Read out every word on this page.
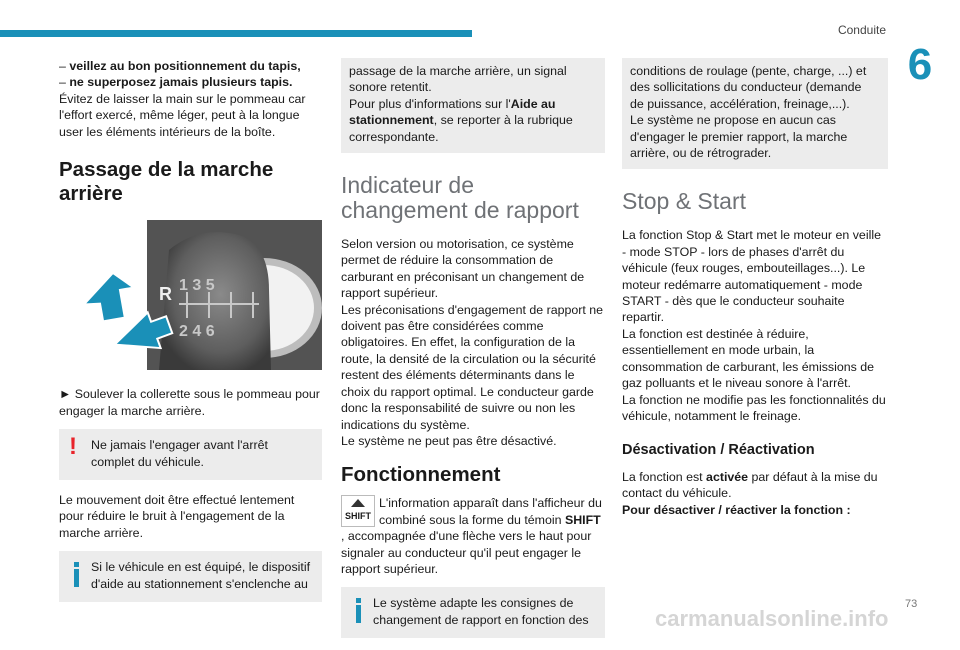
Conduite
6

– veillez au bon positionnement du tapis,

– ne superposez jamais plusieurs tapis.

Évitez de laisser la main sur le pommeau car l'effort exercé, même léger, peut à la longue user les éléments intérieurs de la boîte.

Passage de la marche arrière
R 1 3 5
2 4 6

► Soulever la collerette sous le pommeau pour engager la marche arrière.

! Ne jamais l'engager avant l'arrêt complet du véhicule.

Le mouvement doit être effectué lentement pour réduire le bruit à l'engagement de la marche arrière.

Si le véhicule en est équipé, le dispositif d'aide au stationnement s'enclenche au

passage de la marche arrière, un signal sonore retentit.

Pour plus d'informations sur l'Aide au stationnement, se reporter à la rubrique correspondante.

Indicateur de changement de rapport

Selon version ou motorisation, ce système permet de réduire la consommation de carburant en préconisant un changement de rapport supérieur.

Les préconisations d'engagement de rapport ne doivent pas être considérées comme obligatoires. En effet, la configuration de la route, la densité de la circulation ou la sécurité restent des éléments déterminants dans le choix du rapport optimal. Le conducteur garde donc la responsabilité de suivre ou non les indications du système.

Le système ne peut pas être désactivé.

Fonctionnement
SHIFT

L'information apparaît dans l'afficheur du combiné sous la forme du témoin SHIFT

, accompagnée d'une flèche vers le haut pour signaler au conducteur qu'il peut engager le rapport supérieur.

Le système adapte les consignes de changement de rapport en fonction des

conditions de roulage (pente, charge, ...) et des sollicitations du conducteur (demande de puissance, accélération, freinage,...).

Le système ne propose en aucun cas d'engager le premier rapport, la marche arrière, ou de rétrograder.

Stop & Start

La fonction Stop & Start met le moteur en veille - mode STOP - lors de phases d'arrêt du véhicule (feux rouges, embouteillages...). Le moteur redémarre automatiquement - mode START - dès que le conducteur souhaite repartir.

La fonction est destinée à réduire, essentiellement en mode urbain, la consommation de carburant, les émissions de gaz polluants et le niveau sonore à l'arrêt.

La fonction ne modifie pas les fonctionnalités du véhicule, notamment le freinage.

Désactivation / Réactivation

La fonction est activée par défaut à la mise du contact du véhicule.

Pour désactiver / réactiver la fonction :

carmanualsonline.info
73
